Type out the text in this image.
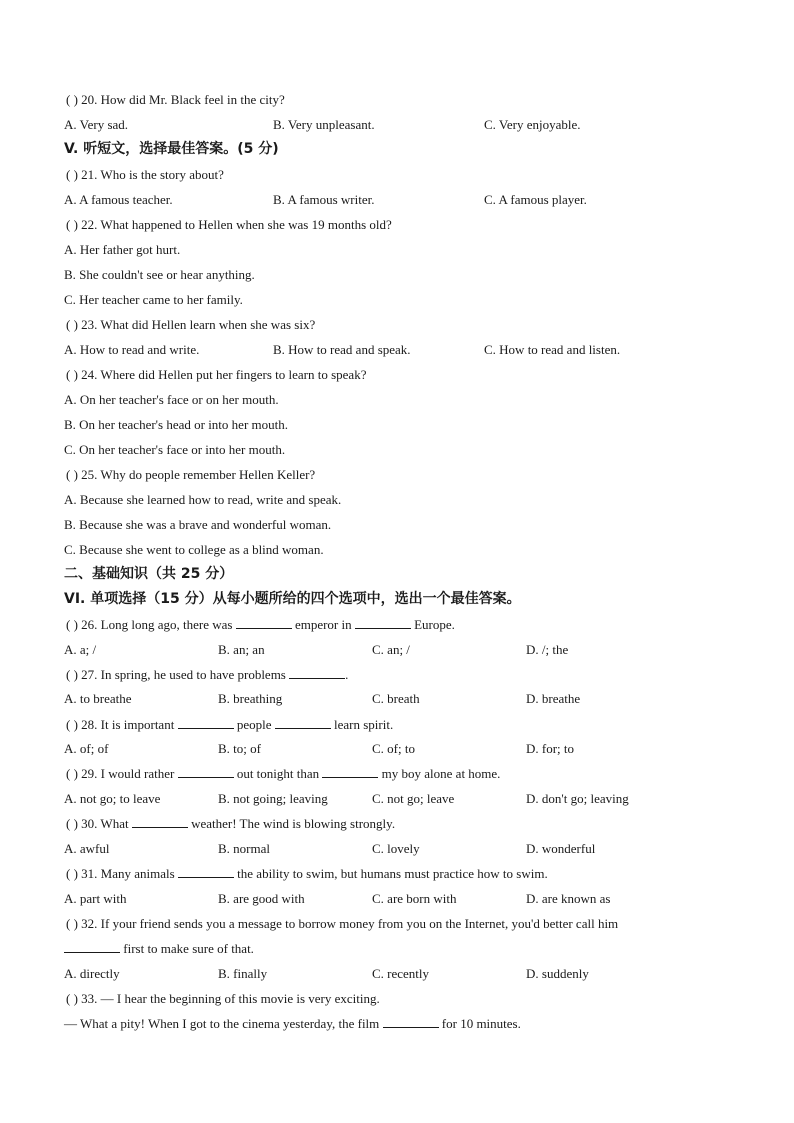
( ) 20. How did Mr. Black feel in the city?
A. Very sad.	B. Very unpleasant.	C. Very enjoyable.
V. 听短文，选择最佳答案。(5 分)
( ) 21. Who is the story about?
A. A famous teacher.	B. A famous writer.	C. A famous player.
( ) 22. What happened to Hellen when she was 19 months old?
A. Her father got hurt.
B. She couldn't see or hear anything.
C. Her teacher came to her family.
( ) 23. What did Hellen learn when she was six?
A. How to read and write.	B. How to read and speak.	C. How to read and listen.
( ) 24. Where did Hellen put her fingers to learn to speak?
A. On her teacher's face or on her mouth.
B. On her teacher's head or into her mouth.
C. On her teacher's face or into her mouth.
( ) 25. Why do people remember Hellen Keller?
A. Because she learned how to read, write and speak.
B. Because she was a brave and wonderful woman.
C. Because she went to college as a blind woman.
二、基础知识（共 25 分）
VI. 单项选择（15 分）从每小题所给的四个选项中，选出一个最佳答案。
( ) 26. Long long ago, there was	emperor in	Europe.
A. a; /	B. an; an	C. an; /	D. /; the
( ) 27. In spring, he used to have problems	.
A. to breathe	B. breathing	C. breath	D. breathe
( ) 28. It is important	people	learn spirit.
A. of; of	B. to; of	C. of; to	D. for; to
( ) 29. I would rather	out tonight than	my boy alone at home.
A. not go; to leave	B. not going; leaving	C. not go; leave	D. don't go; leaving
( ) 30. What	weather! The wind is blowing strongly.
A. awful	B. normal	C. lovely	D. wonderful
( ) 31. Many animals	the ability to swim, but humans must practice how to swim.
A. part with	B. are good with	C. are born with	D. are known as
( ) 32. If your friend sends you a message to borrow money from you on the Internet, you'd better call him
first to make sure of that.
A. directly	B. finally	C. recently	D. suddenly
( ) 33. — I hear the beginning of this movie is very exciting.
— What a pity! When I got to the cinema yesterday, the film	for 10 minutes.
